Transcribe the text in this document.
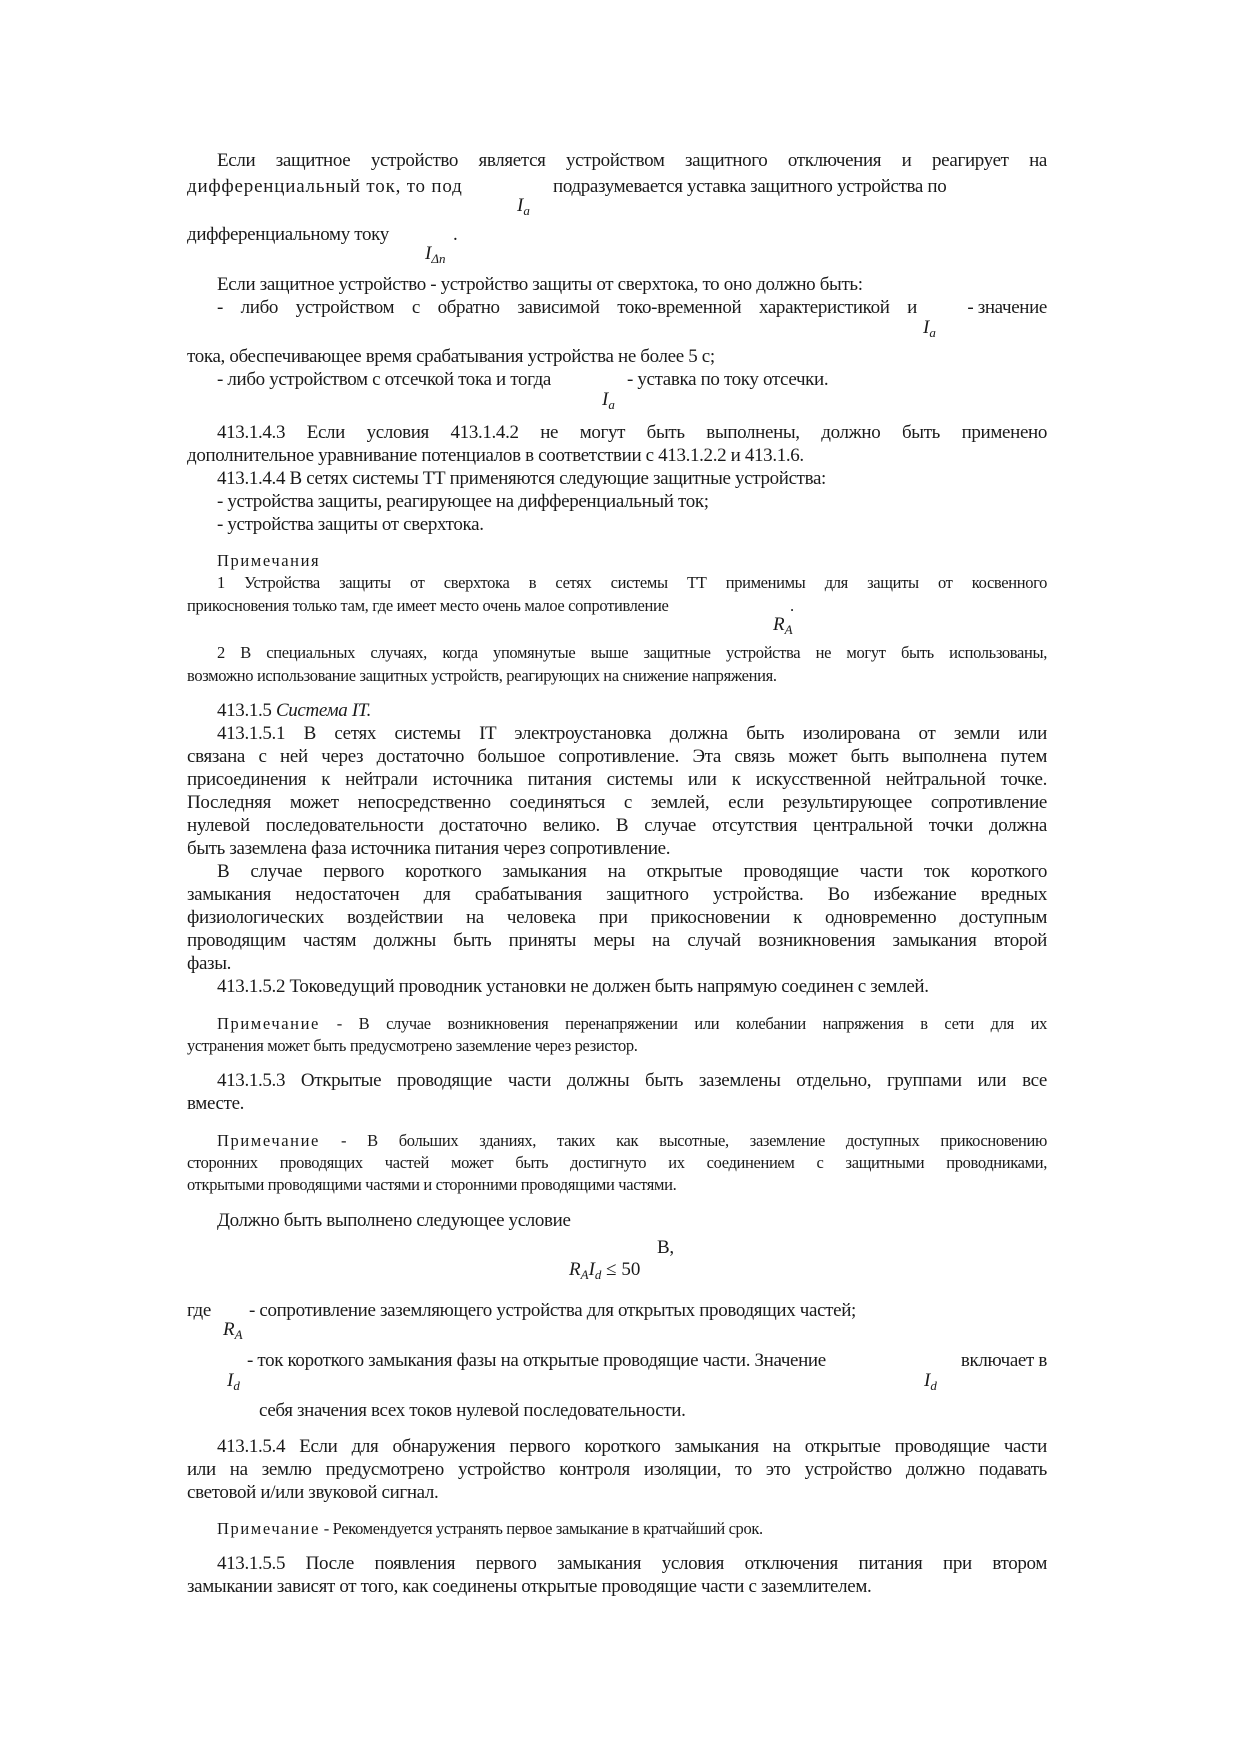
Если защитное устройство является устройством защитного отключения и реагирует на
дифференциальный ток, то под	подразумевается уставка защитного устройства по
$I_a$
дифференциальному току	.
$I_{\Delta n}$
Если защитное устройство - устройство защиты от сверхтока, то оно должно быть:
- либо устройством с обратно зависимой токо-временной характеристикой и	- значение
$I_a$
тока, обеспечивающее время срабатывания устройства не более 5 с;
- либо устройством с отсечкой тока и тогда	- уставка по току отсечки.
$I_a$
413.1.4.3 Если условия 413.1.4.2 не могут быть выполнены, должно быть применено
дополнительное уравнивание потенциалов в соответствии с 413.1.2.2 и 413.1.6.
413.1.4.4 В сетях системы ТТ применяются следующие защитные устройства:
- устройства защиты, реагирующее на дифференциальный ток;
- устройства защиты от сверхтока.
Примечания
1 Устройства защиты от сверхтока в сетях системы ТТ применимы для защиты от косвенного
прикосновения только там, где имеет место очень малое сопротивление	.
$R_A$
2 В специальных случаях, когда упомянутые выше защитные устройства не могут быть использованы,
возможно использование защитных устройств, реагирующих на снижение напряжения.
413.1.5 Система IT.
413.1.5.1 В сетях системы IT электроустановка должна быть изолирована от земли или
связана с ней через достаточно большое сопротивление. Эта связь может быть выполнена путем
присоединения к нейтрали источника питания системы или к искусственной нейтральной точке.
Последняя может непосредственно соединяться с землей, если результирующее сопротивление
нулевой последовательности достаточно велико. В случае отсутствия центральной точки должна
быть заземлена фаза источника питания через сопротивление.
В случае первого короткого замыкания на открытые проводящие части ток короткого
замыкания недостаточен для срабатывания защитного устройства. Во избежание вредных
физиологических воздействии на человека при прикосновении к одновременно доступным
проводящим частям должны быть приняты меры на случай возникновения замыкания второй
фазы.
413.1.5.2 Токоведущий проводник установки не должен быть напрямую соединен с землей.
Примечание - В случае возникновения перенапряжении или колебании напряжения в сети для их
устранения может быть предусмотрено заземление через резистор.
413.1.5.3 Открытые проводящие части должны быть заземлены отдельно, группами или все
вместе.
Примечание - В больших зданиях, таких как высотные, заземление доступных прикосновению
сторонних проводящих частей может быть достигнуто их соединением с защитными проводниками,
открытыми проводящими частями и сторонними проводящими частями.
Должно быть выполнено следующее условие
В,
$R_AI_d \le 50$
где - сопротивление заземляющего устройства для открытых проводящих частей;
$R_A$
- ток короткого замыкания фазы на открытые проводящие части. Значение	включает в
$I_d$	$I_d$
себя значения всех токов нулевой последовательности.
413.1.5.4 Если для обнаружения первого короткого замыкания на открытые проводящие части
или на землю предусмотрено устройство контроля изоляции, то это устройство должно подавать
световой и/или звуковой сигнал.
Примечание - Рекомендуется устранять первое замыкание в кратчайший срок.
413.1.5.5 После появления первого замыкания условия отключения питания при втором
замыкании зависят от того, как соединены открытые проводящие части с заземлителем.
